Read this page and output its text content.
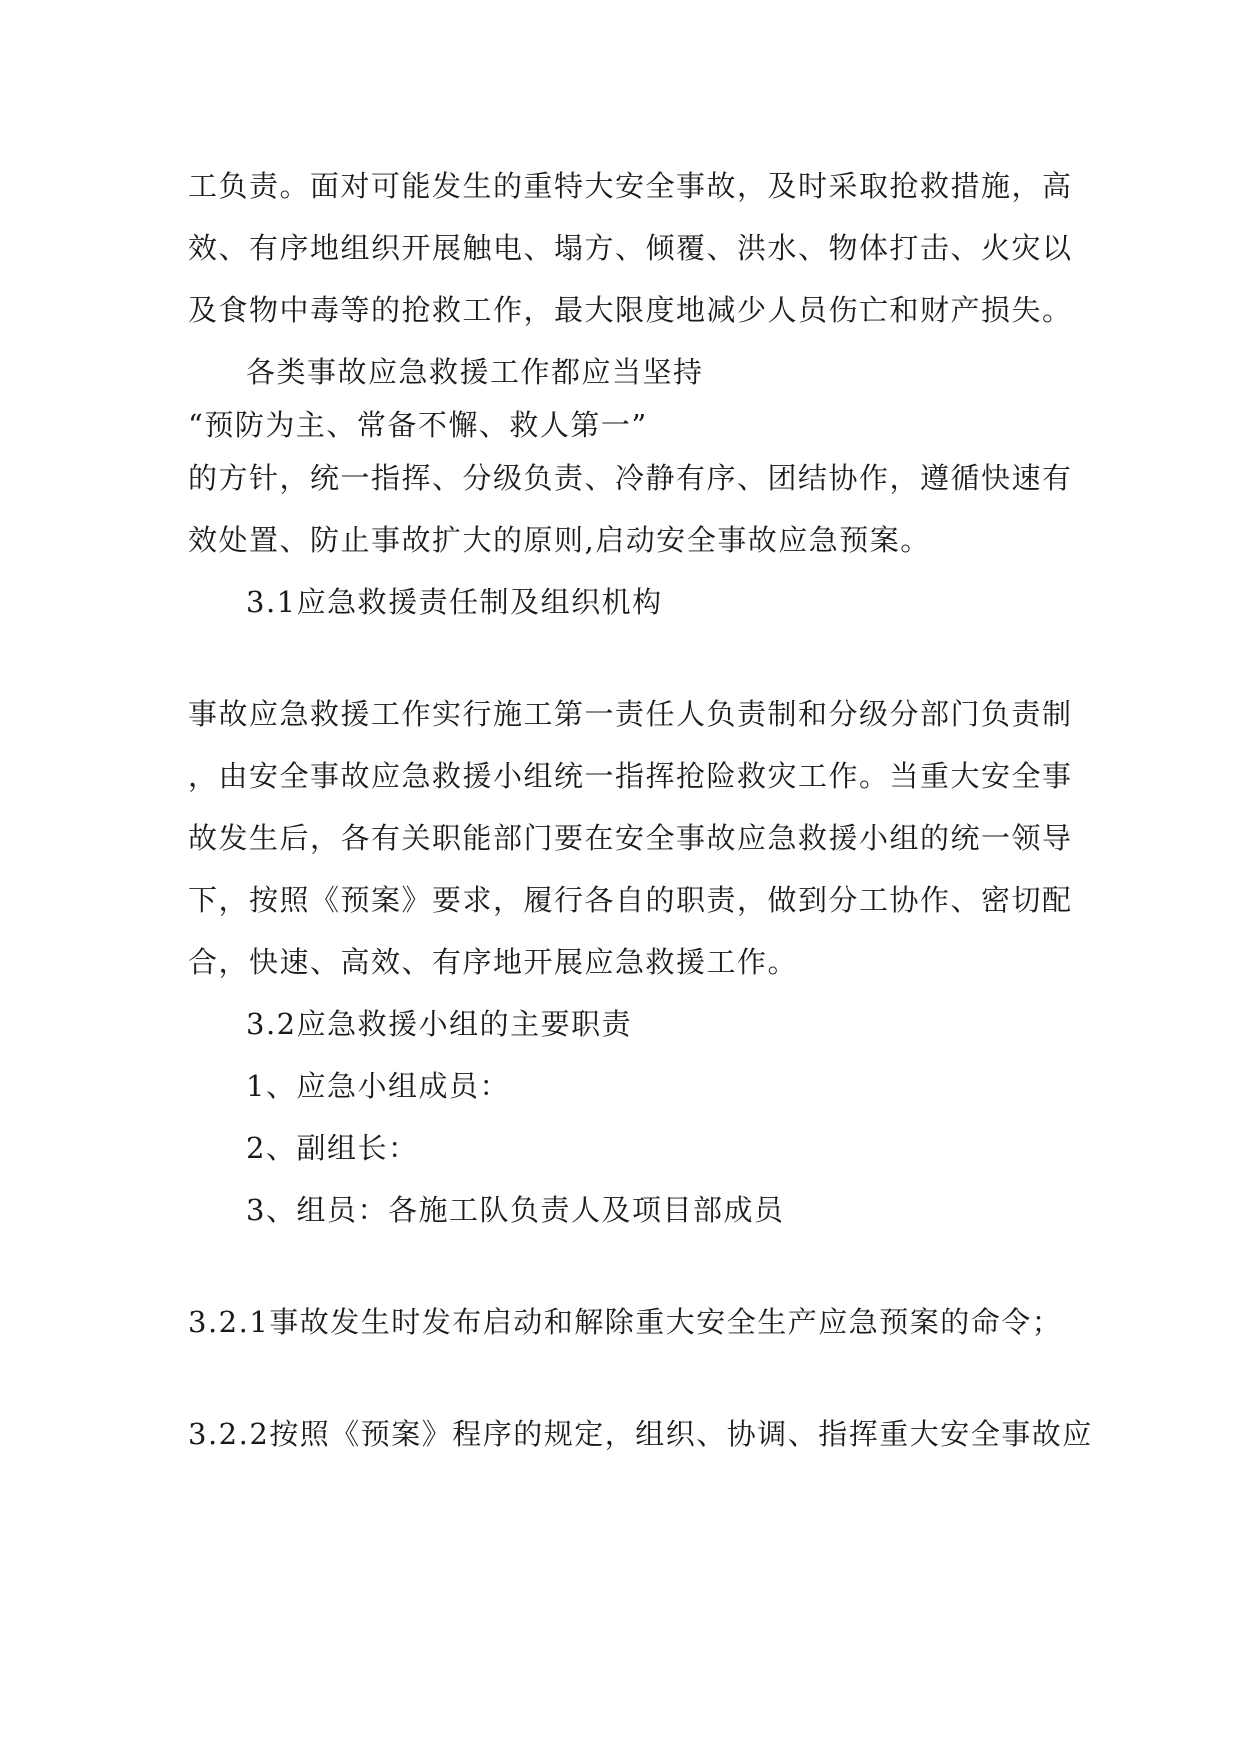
工负责。面对可能发生的重特大安全事故，及时采取抢救措施，高
效、有序地组织开展触电、塌方、倾覆、洪水、物体打击、火灾以
及食物中毒等的抢救工作，最大限度地减少人员伤亡和财产损失。
各类事故应急救援工作都应当坚持
“预防为主、常备不懈、救人第一”
的方针，统一指挥、分级负责、冷静有序、团结协作，遵循快速有
效处置、防止事故扩大的原则,启动安全事故应急预案。
3.1应急救援责任制及组织机构
事故应急救援工作实行施工第一责任人负责制和分级分部门负责制
，由安全事故应急救援小组统一指挥抢险救灾工作。当重大安全事
故发生后，各有关职能部门要在安全事故应急救援小组的统一领导
下，按照《预案》要求，履行各自的职责，做到分工协作、密切配
合，快速、高效、有序地开展应急救援工作。
3.2应急救援小组的主要职责
1、应急小组成员：
2、副组长：
3、组员：各施工队负责人及项目部成员
3.2.1事故发生时发布启动和解除重大安全生产应急预案的命令；
3.2.2按照《预案》程序的规定，组织、协调、指挥重大安全事故应
